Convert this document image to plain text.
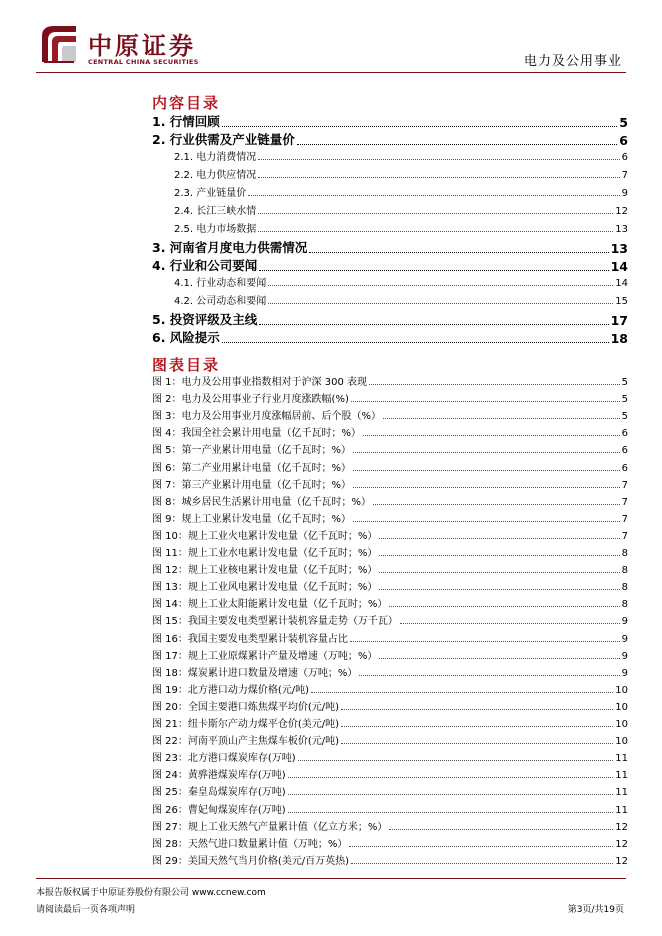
中原证券
CENTRAL CHINA SECURITIES	电力及公用事业
内容目录
1. 行情回顾	5
2. 行业供需及产业链量价	6
2.1. 电力消费情况	6
2.2. 电力供应情况	7
2.3. 产业链量价	9
2.4. 长江三峡水情	12
2.5. 电力市场数据	13
3. 河南省月度电力供需情况	13
4. 行业和公司要闻	14
4.1. 行业动态和要闻	14
4.2. 公司动态和要闻	15
5. 投资评级及主线	17
6. 风险提示	18
图表目录
图 1：电力及公用事业指数相对于沪深 300 表现	5
图 2：电力及公用事业子行业月度涨跌幅(%)	5
图 3：电力及公用事业月度涨幅居前、后个股（%）	5
图 4：我国全社会累计用电量（亿千瓦时；%）	6
图 5：第一产业累计用电量（亿千瓦时；%）	6
图 6：第二产业用累计电量（亿千瓦时；%）	6
图 7：第三产业累计用电量（亿千瓦时；%）	7
图 8：城乡居民生活累计用电量（亿千瓦时；%）	7
图 9：规上工业累计发电量（亿千瓦时；%）	7
图 10：规上工业火电累计发电量（亿千瓦时；%）	7
图 11：规上工业水电累计发电量（亿千瓦时；%）	8
图 12：规上工业核电累计发电量（亿千瓦时；%）	8
图 13：规上工业风电累计发电量（亿千瓦时；%）	8
图 14：规上工业太阳能累计发电量（亿千瓦时；%）	8
图 15：我国主要发电类型累计装机容量走势（万千瓦）	9
图 16：我国主要发电类型累计装机容量占比	9
图 17：规上工业原煤累计产量及增速（万吨；%）	9
图 18：煤炭累计进口数量及增速（万吨；%）	9
图 19：北方港口动力煤价格(元/吨)	10
图 20：全国主要港口炼焦煤平均价(元/吨)	10
图 21：纽卡斯尔产动力煤平仓价(美元/吨)	10
图 22：河南平顶山产主焦煤车板价(元/吨)	10
图 23：北方港口煤炭库存(万吨)	11
图 24：黄骅港煤炭库存(万吨)	11
图 25：秦皇岛煤炭库存(万吨)	11
图 26：曹妃甸煤炭库存(万吨)	11
图 27：规上工业天然气产量累计值（亿立方米；%）	12
图 28：天然气进口数量累计值（万吨；%）	12
图 29：美国天然气当月价格(美元/百万英热)	12
本报告版权属于中原证券股份有限公司 www.ccnew.com
请阅读最后一页各项声明	第3页/共19页
